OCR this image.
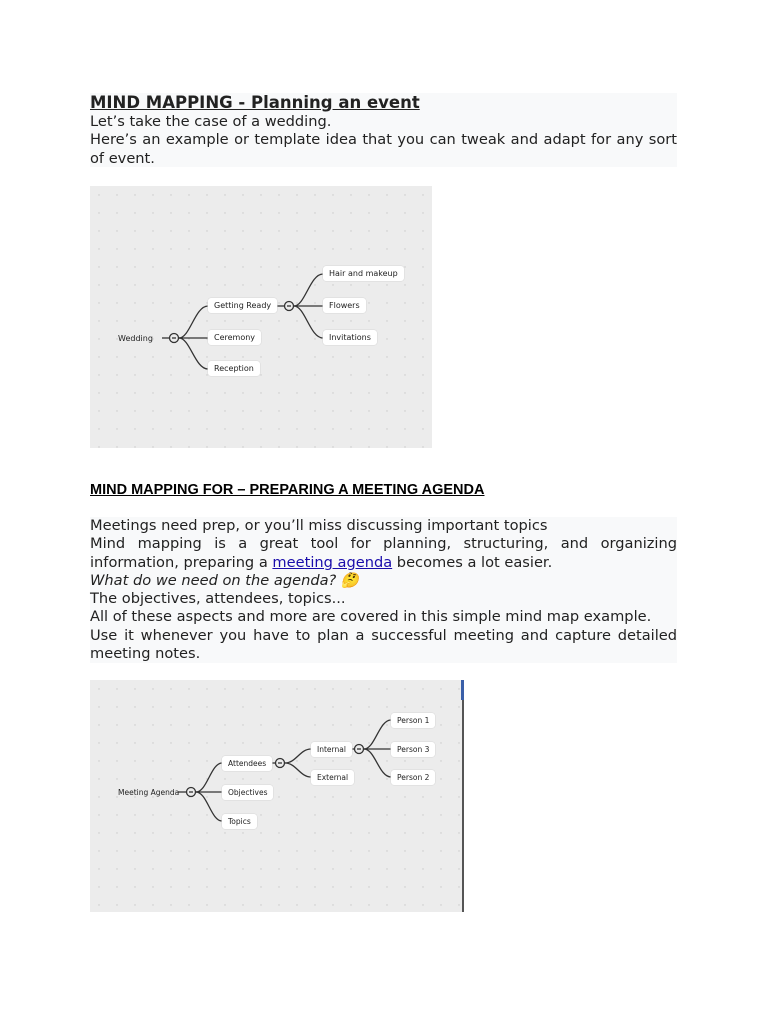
MIND MAPPING - Planning an event

Let’s take the case of a wedding.

Here’s an example or template idea that you can tweak and adapt for any sort of event.

Wedding
Getting Ready
Ceremony
Reception
Hair and makeup
Flowers
Invitations
MIND MAPPING FOR – PREPARING A MEETING AGENDA

Meetings need prep, or you’ll miss discussing important topics

Mind mapping is a great tool for planning, structuring, and organizing information, preparing a meeting agenda becomes a lot easier.

What do we need on the agenda? 🤔

The objectives, attendees, topics...

All of these aspects and more are covered in this simple mind map example.

Use it whenever you have to plan a successful meeting and capture detailed meeting notes.

Meeting Agenda
Attendees
Objectives
Topics
Internal
External
Person 1
Person 3
Person 2
